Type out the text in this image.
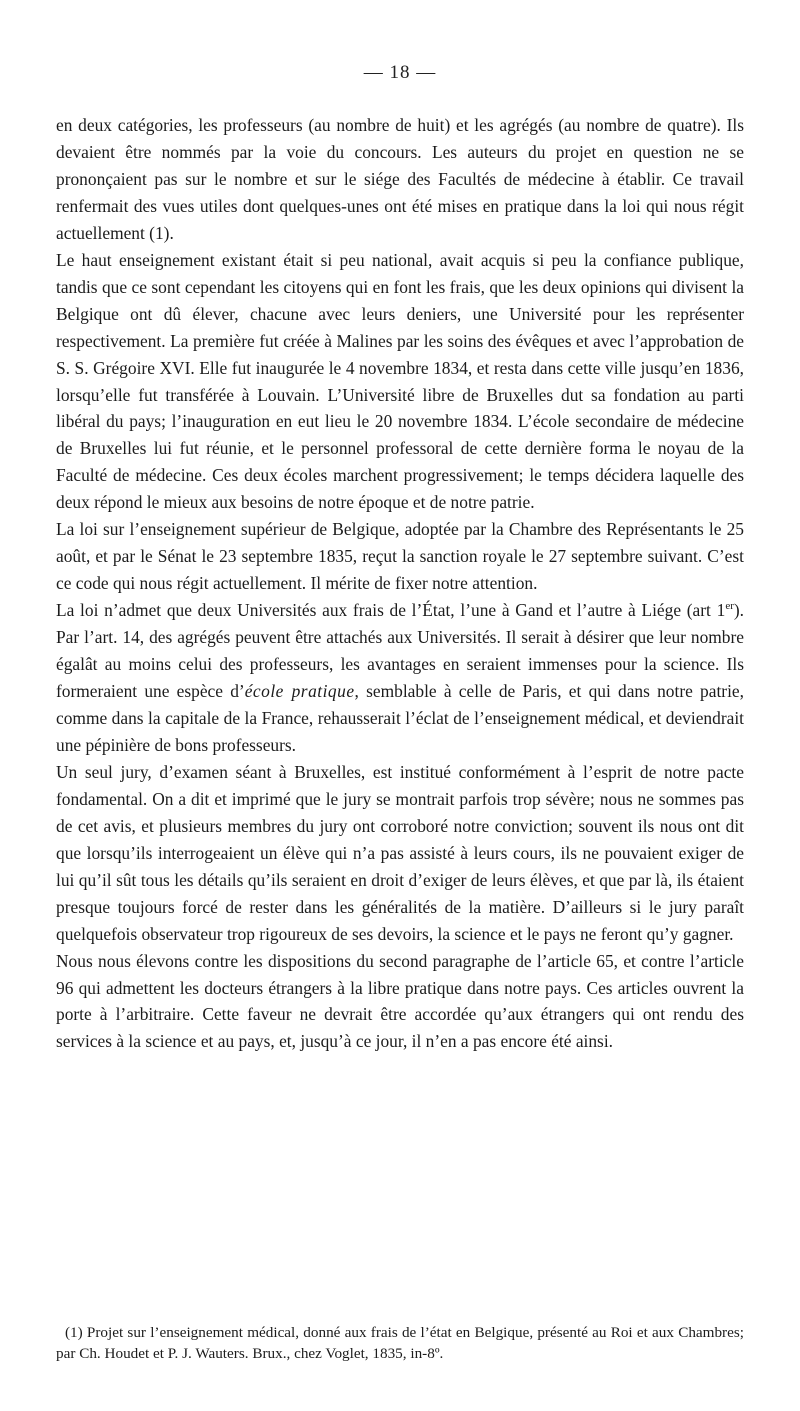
— 18 —

en deux catégories, les professeurs (au nombre de huit) et les agrégés (au nombre de quatre). Ils devaient être nommés par la voie du concours. Les auteurs du projet en question ne se prononçaient pas sur le nombre et sur le siége des Facultés de médecine à établir. Ce travail renfermait des vues utiles dont quelques-unes ont été mises en pratique dans la loi qui nous régit actuellement (1).

Le haut enseignement existant était si peu national, avait acquis si peu la confiance publique, tandis que ce sont cependant les citoyens qui en font les frais, que les deux opinions qui divisent la Belgique ont dû élever, chacune avec leurs deniers, une Université pour les représenter respectivement. La première fut créée à Malines par les soins des évêques et avec l’approbation de S. S. Grégoire XVI. Elle fut inaugurée le 4 novembre 1834, et resta dans cette ville jusqu’en 1836, lorsqu’elle fut transférée à Louvain. L’Université libre de Bruxelles dut sa fondation au parti libéral du pays; l’inauguration en eut lieu le 20 novembre 1834. L’école secondaire de médecine de Bruxelles lui fut réunie, et le personnel professoral de cette dernière forma le noyau de la Faculté de médecine. Ces deux écoles marchent progressivement; le temps décidera laquelle des deux répond le mieux aux besoins de notre époque et de notre patrie.

La loi sur l’enseignement supérieur de Belgique, adoptée par la Chambre des Représentants le 25 août, et par le Sénat le 23 septembre 1835, reçut la sanction royale le 27 septembre suivant. C’est ce code qui nous régit actuellement. Il mérite de fixer notre attention.

La loi n’admet que deux Universités aux frais de l’État, l’une à Gand et l’autre à Liége (art 1er). Par l’art. 14, des agrégés peuvent être attachés aux Universités. Il serait à désirer que leur nombre égalât au moins celui des professeurs, les avantages en seraient immenses pour la science. Ils formeraient une espèce d’école pratique, semblable à celle de Paris, et qui dans notre patrie, comme dans la capitale de la France, rehausserait l’éclat de l’enseignement médical, et deviendrait une pépinière de bons professeurs.

Un seul jury, d’examen séant à Bruxelles, est institué conformément à l’esprit de notre pacte fondamental. On a dit et imprimé que le jury se montrait parfois trop sévère; nous ne sommes pas de cet avis, et plusieurs membres du jury ont corroboré notre conviction; souvent ils nous ont dit que lorsqu’ils interrogeaient un élève qui n’a pas assisté à leurs cours, ils ne pouvaient exiger de lui qu’il sût tous les détails qu’ils seraient en droit d’exiger de leurs élèves, et que par là, ils étaient presque toujours forcé de rester dans les généralités de la matière. D’ailleurs si le jury paraît quelquefois observateur trop rigoureux de ses devoirs, la science et le pays ne feront qu’y gagner.

Nous nous élevons contre les dispositions du second paragraphe de l’article 65, et contre l’article 96 qui admettent les docteurs étrangers à la libre pratique dans notre pays. Ces articles ouvrent la porte à l’arbitraire. Cette faveur ne devrait être accordée qu’aux étrangers qui ont rendu des services à la science et au pays, et, jusqu’à ce jour, il n’en a pas encore été ainsi.

(1) Projet sur l’enseignement médical, donné aux frais de l’état en Belgique, présenté au Roi et aux Chambres; par Ch. Houdet et P. J. Wauters. Brux., chez Voglet, 1835, in-8º.
